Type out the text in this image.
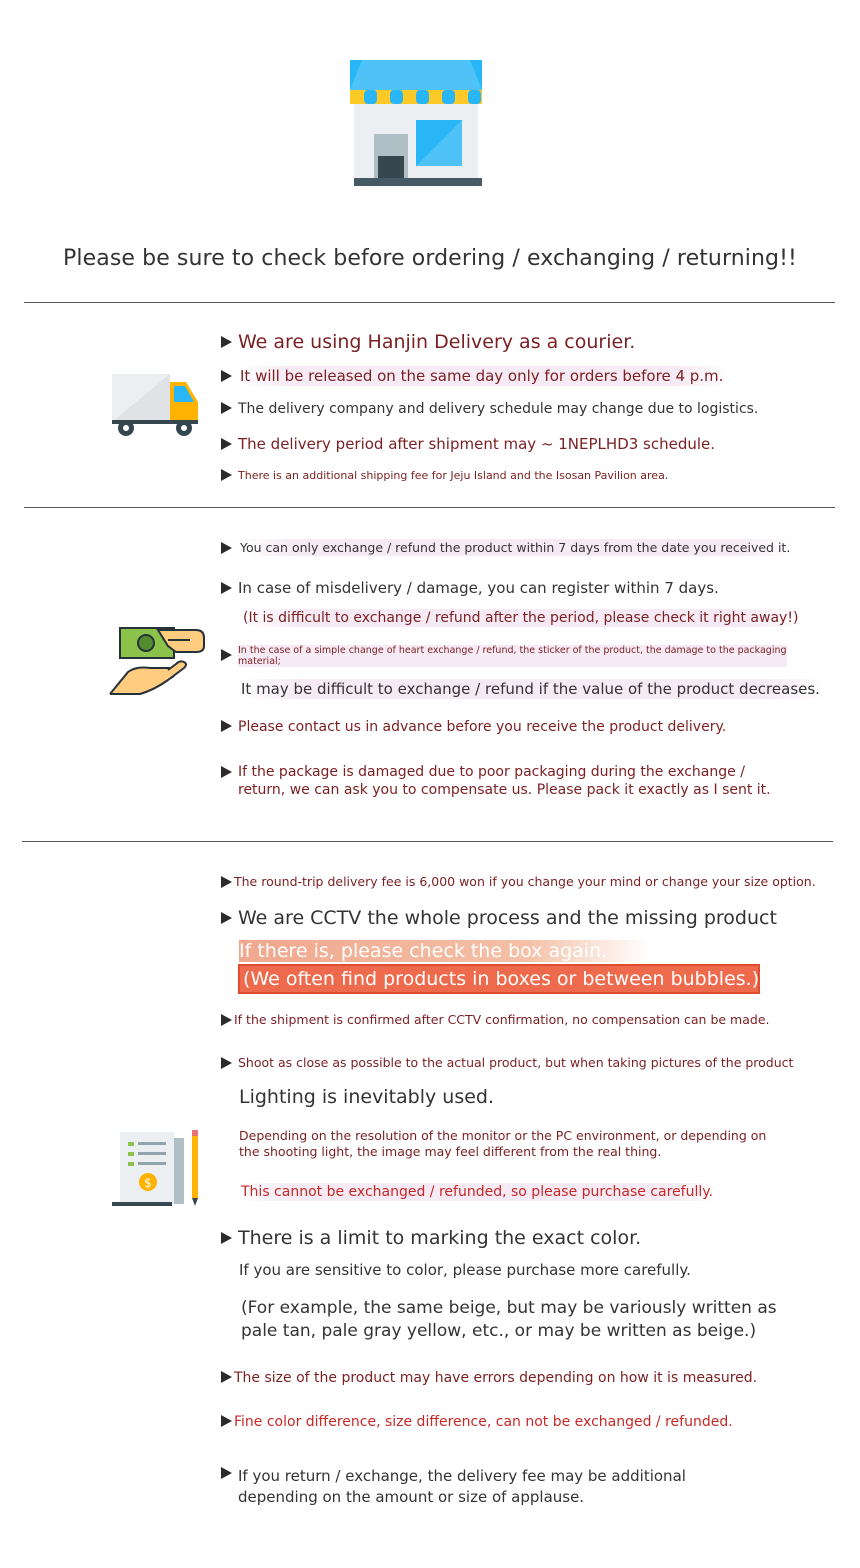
Please be sure to check before ordering / exchanging / returning!!
We are using Hanjin Delivery as a courier.
It will be released on the same day only for orders before 4 p.m.
The delivery company and delivery schedule may change due to logistics.
The delivery period after shipment may ~ 1NEPLHD3 schedule.
There is an additional shipping fee for Jeju Island and the Isosan Pavilion area.
You can only exchange / refund the product within 7 days from the date you received it.
In case of misdelivery / damage, you can register within 7 days.
(It is difficult to exchange / refund after the period, please check it right away!)
In the case of a simple change of heart exchange / refund, the sticker of the product, the damage to the packaging
material;
It may be difficult to exchange / refund if the value of the product decreases.
Please contact us in advance before you receive the product delivery.
If the package is damaged due to poor packaging during the exchange /
return, we can ask you to compensate us. Please pack it exactly as I sent it.
$
The round-trip delivery fee is 6,000 won if you change your mind or change your size option.
We are CCTV the whole process and the missing product
If there is, please check the box again.
(We often find products in boxes or between bubbles.)
If the shipment is confirmed after CCTV confirmation, no compensation can be made.
Shoot as close as possible to the actual product, but when taking pictures of the product
Lighting is inevitably used.
Depending on the resolution of the monitor or the PC environment, or depending on
the shooting light, the image may feel different from the real thing.
This cannot be exchanged / refunded, so please purchase carefully.
There is a limit to marking the exact color.
If you are sensitive to color, please purchase more carefully.
(For example, the same beige, but may be variously written as
pale tan, pale gray yellow, etc., or may be written as beige.)
The size of the product may have errors depending on how it is measured.
Fine color difference, size difference, can not be exchanged / refunded.
If you return / exchange, the delivery fee may be additional
depending on the amount or size of applause.
